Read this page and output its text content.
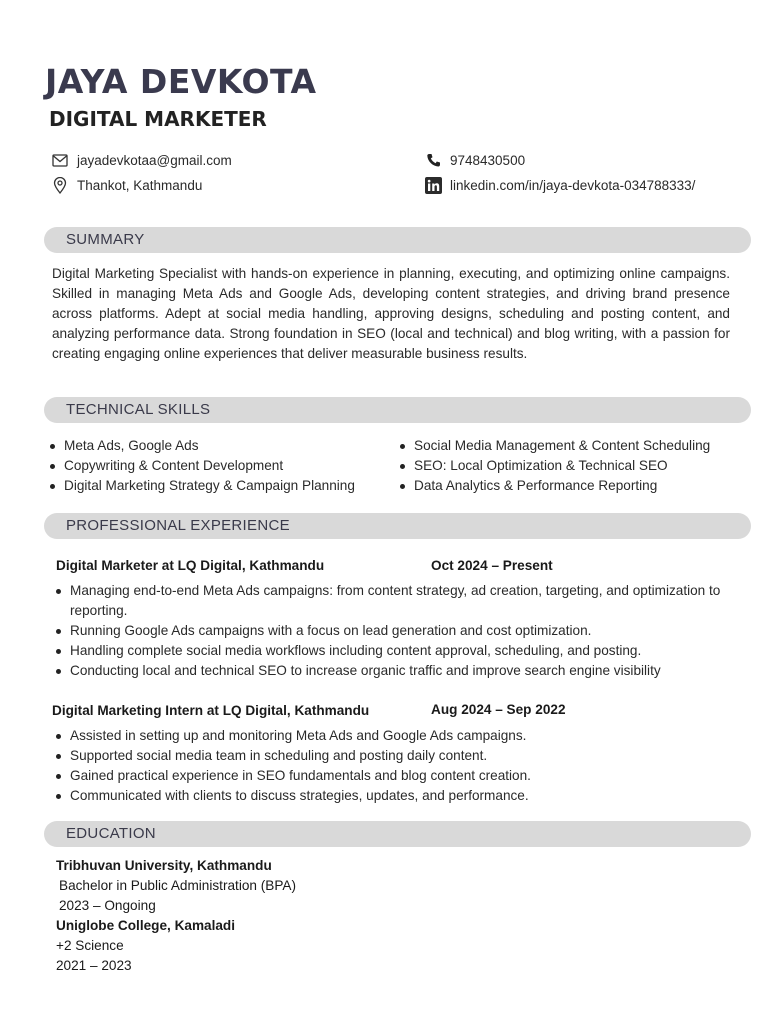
JAYA DEVKOTA
DIGITAL MARKETER
jayadevkotaa@gmail.com
Thankot, Kathmandu
9748430500
linkedin.com/in/jaya-devkota-034788333/
SUMMARY
Digital Marketing Specialist with hands-on experience in planning, executing, and optimizing online campaigns. Skilled in managing Meta Ads and Google Ads, developing content strategies, and driving brand presence across platforms. Adept at social media handling, approving designs, scheduling and posting content, and analyzing performance data. Strong foundation in SEO (local and technical) and blog writing, with a passion for creating engaging online experiences that deliver measurable business results.
TECHNICAL SKILLS
Meta Ads, Google Ads
Copywriting & Content Development
Digital Marketing Strategy & Campaign Planning
Social Media Management & Content Scheduling
SEO: Local Optimization & Technical SEO
Data Analytics & Performance Reporting
PROFESSIONAL EXPERIENCE
Digital Marketer at LQ Digital, Kathmandu	Oct 2024 – Present
Managing end-to-end Meta Ads campaigns: from content strategy, ad creation, targeting, and optimization to reporting.
Running Google Ads campaigns with a focus on lead generation and cost optimization.
Handling complete social media workflows including content approval, scheduling, and posting.
Conducting local and technical SEO to increase organic traffic and improve search engine visibility
Digital Marketing Intern at LQ Digital, Kathmandu	Aug 2024 – Sep 2022
Assisted in setting up and monitoring Meta Ads and Google Ads campaigns.
Supported social media team in scheduling and posting daily content.
Gained practical experience in SEO fundamentals and blog content creation.
Communicated with clients to discuss strategies, updates, and performance.
EDUCATION
Tribhuvan University, Kathmandu
Bachelor in Public Administration (BPA)
2023 – Ongoing
Uniglobe College, Kamaladi
+2 Science
2021 – 2023
